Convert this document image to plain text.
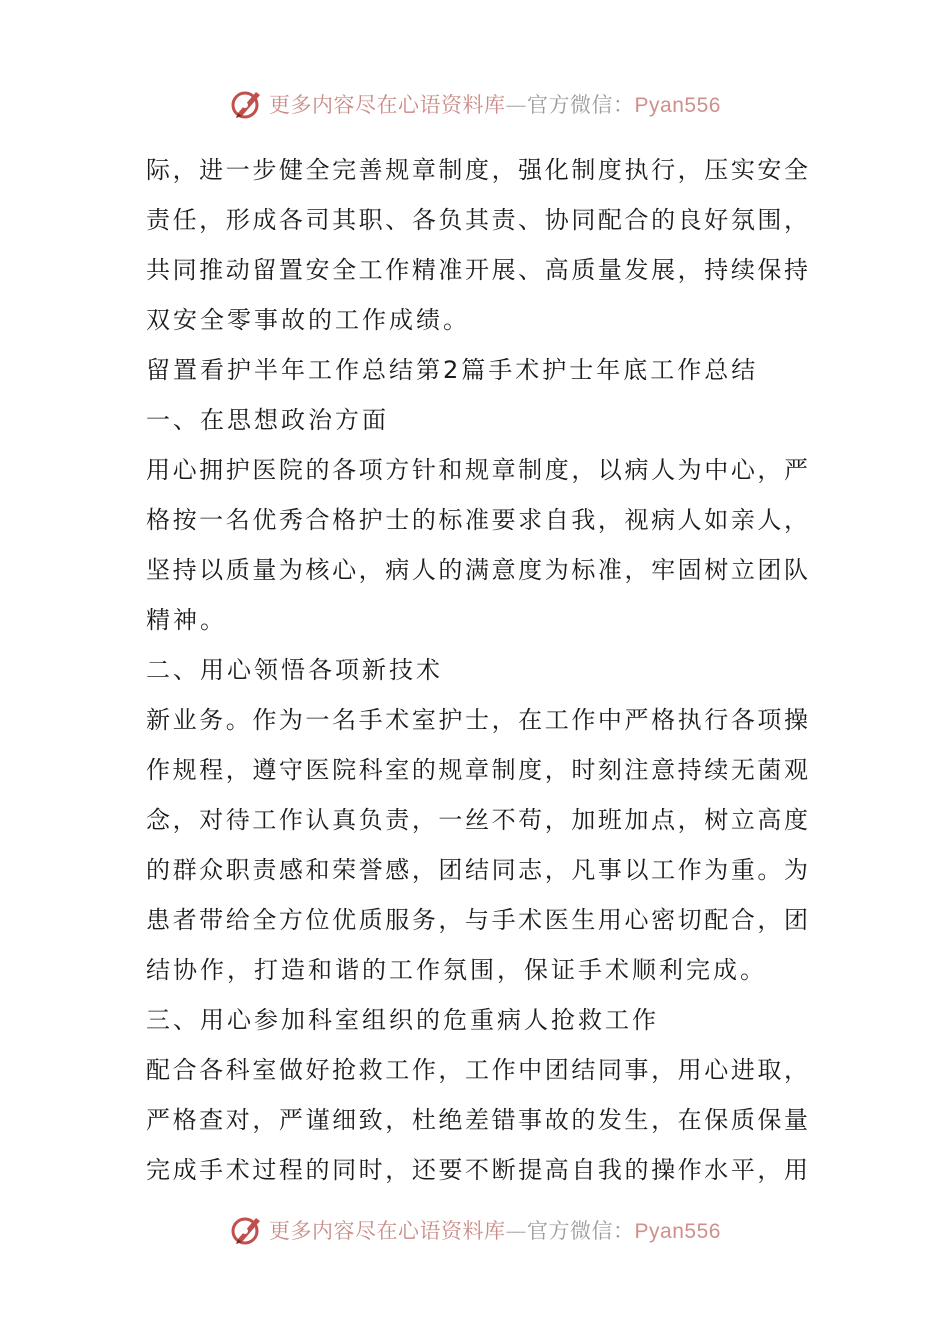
更多内容尽在心语资料库—官方微信：Pyan556
际，进一步健全完善规章制度，强化制度执行，压实安全
责任，形成各司其职、各负其责、协同配合的良好氛围，
共同推动留置安全工作精准开展、高质量发展，持续保持
双安全零事故的工作成绩。
留置看护半年工作总结第2篇手术护士年底工作总结
一、在思想政治方面
用心拥护医院的各项方针和规章制度，以病人为中心，严
格按一名优秀合格护士的标准要求自我，视病人如亲人，
坚持以质量为核心，病人的满意度为标准，牢固树立团队
精神。
二、用心领悟各项新技术
新业务。作为一名手术室护士，在工作中严格执行各项操
作规程，遵守医院科室的规章制度，时刻注意持续无菌观
念，对待工作认真负责，一丝不苟，加班加点，树立高度
的群众职责感和荣誉感，团结同志，凡事以工作为重。为
患者带给全方位优质服务，与手术医生用心密切配合，团
结协作，打造和谐的工作氛围，保证手术顺利完成。
三、用心参加科室组织的危重病人抢救工作
配合各科室做好抢救工作，工作中团结同事，用心进取，
严格查对，严谨细致，杜绝差错事故的发生，在保质保量
完成手术过程的同时，还要不断提高自我的操作水平，用
更多内容尽在心语资料库—官方微信：Pyan556
